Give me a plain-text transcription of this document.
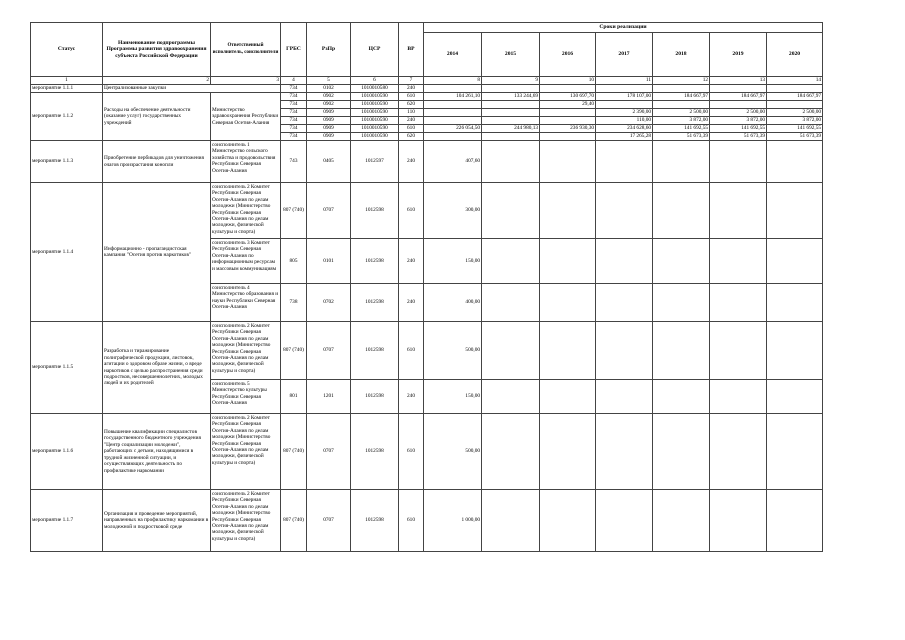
Статус	Наименование подпрограммы Программы развития здравоохранения субъекта Российской Федерации	Ответственный исполнитель, соисполнители	ГРБС	РзПр	ЦСР	ВР	Сроки реализации						
							2014	2015	2016	2017	2018	2019	2020
1	2	3	4	5	6	7	8	9	10	11	12	13	14
мероприятие 1.1.1	Централизованные закупки		734	0102	1010010580	240							
мероприятие 1.1.2	Расходы на обеспечение деятельности (оказание услуг) государственных учреждений	Министерство здравоохранения Республики Северная Осетия-Алания	734	0902	1010010590	610	104 261,10	133 244,69	130 697,70	178 107,00	184 667,97	184 667,97	184 667,97
			734	0902	1010010590	620			29,40				
			734	0909	1010010590	110				2 390,00	2 500,00	2 500,00	2 500,00
			734	0909	1010010590	240				110,00	3 872,00	3 872,00	3 872,00
			734	0909	1010010590	610	226 054,50	244 980,13	236 930,30	234 628,60	141 692,55	141 692,55	141 692,55
			734	0909	1010010590	620				17 265,28	51 673,39	51 673,39	51 673,39
мероприятие 1.1.3	Приобретение пербикадов для уничтожения очагов произрастания конопли	соисполнитель 1 Министерство сельского хозяйства и продовольствия Республики Северная Осетия-Алания	743	0405	1012597	240	407,60						
мероприятие 1.1.4	Информационно - пропагандистская кампания "Осетия против наркотиков"	соисполнитель 2 Комитет Республики Северная Осетия-Алания по делам молодежи (Министерство Республики Северная Осетия-Алания по делам молодежи, физической культуры и спорта)	807 (740)	0707	1012598	610	300,00						
		соисполнитель 3 Комитет Республики Северная Осетия-Алания по информационным ресурсам и массовым коммуникациям	805	0101	1012598	240	150,00						
		соисполнитель 4 Министерство образования и науки Республики Северная Осетия-Алания	738	0702	1012598	240	400,00						
мероприятие 1.1.5	Разработка и тиражирование полиграфической продукции, листовок, агитации о здоровом образе жизни, о вреде наркотиков с целью распространения среди подростков, несовершеннолетних, молодых людей и их родителей	соисполнитель 2 Комитет Республики Северная Осетия-Алания по делам молодежи (Министерство Республики Северная Осетия-Алания по делам молодежи, физической культуры и спорта)	807 (740)	0707	1012598	610	500,00						
		соисполнитель 5 Министерство культуры Республики Северная Осетия-Алания	801	1201	1012598	240	150,00						
мероприятие 1.1.6	Повышение квалификации специалистов государственного бюджетного учреждения "Центр социализации молодежи", работающих с детьми, находящимися в трудной жизненной ситуации, и осуществляющих деятельность по профилактике наркомании	соисполнитель 2 Комитет Республики Северная Осетия-Алания по делам молодежи (Министерство Республики Северная Осетия-Алания по делам молодежи, физической культуры и спорта)	807 (740)	0707	1012598	610	500,00						
мероприятие 1.1.7	Организация и проведение мероприятий, направленных на профилактику наркомании в молодежной и подростковой среде	соисполнитель 2 Комитет Республики Северная Осетия-Алания по делам молодежи (Министерство Республики Северная Осетия-Алания по делам молодежи, физической культуры и спорта)	807 (740)	0707	1012598	610	1 000,00						
